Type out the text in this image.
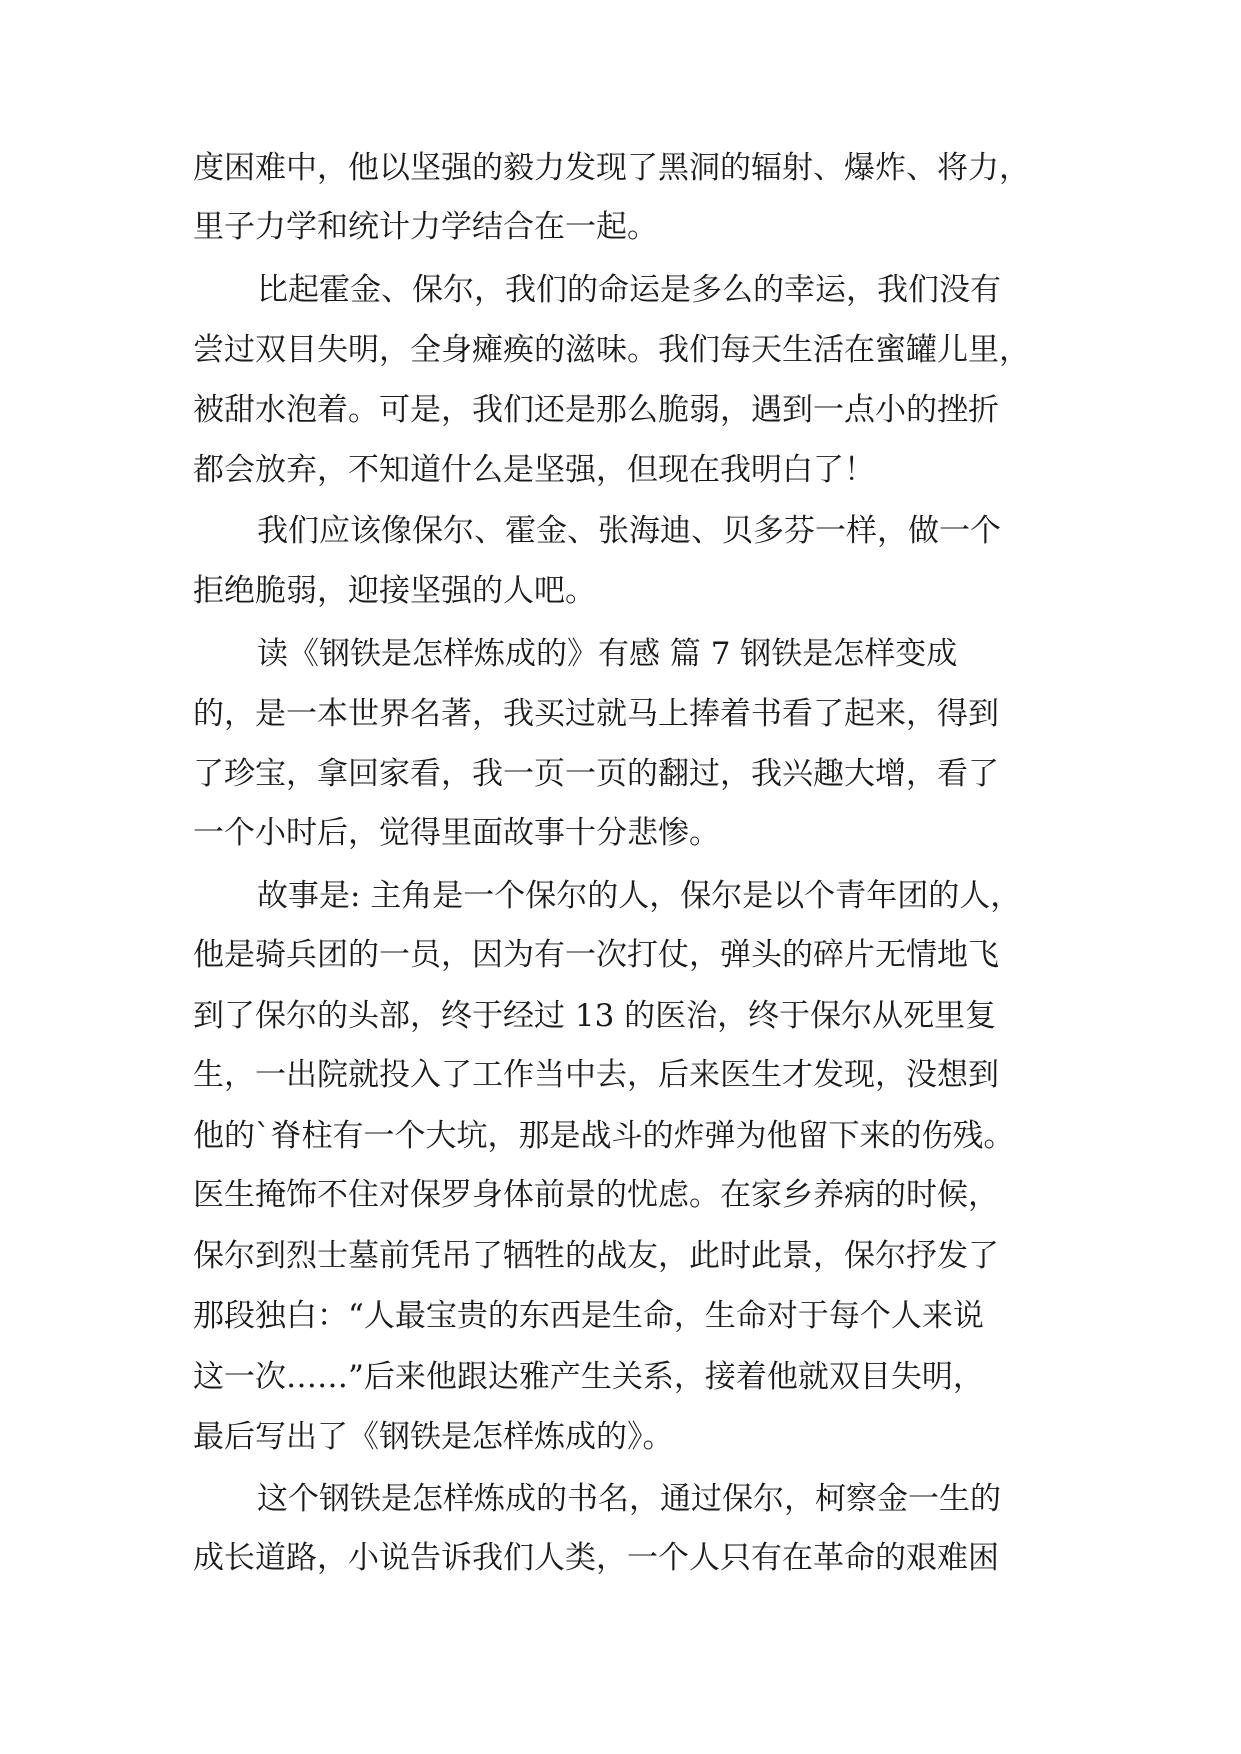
度困难中，他以坚强的毅力发现了黑洞的辐射、爆炸、将力，
里子力学和统计力学结合在一起。
比起霍金、保尔，我们的命运是多么的幸运，我们没有
尝过双目失明，全身瘫痪的滋味。我们每天生活在蜜罐儿里，
被甜水泡着。可是，我们还是那么脆弱，遇到一点小的挫折
都会放弃，不知道什么是坚强，但现在我明白了！
我们应该像保尔、霍金、张海迪、贝多芬一样，做一个
拒绝脆弱，迎接坚强的人吧。
读《钢铁是怎样炼成的》有感 篇 7 钢铁是怎样变成
的，是一本世界名著，我买过就马上捧着书看了起来，得到
了珍宝，拿回家看，我一页一页的翻过，我兴趣大增，看了
一个小时后，觉得里面故事十分悲惨。
故事是: 主角是一个保尔的人，保尔是以个青年团的人，
他是骑兵团的一员，因为有一次打仗，弹头的碎片无情地飞
到了保尔的头部，终于经过 13 的医治，终于保尔从死里复
生，一出院就投入了工作当中去，后来医生才发现，没想到
他的`脊柱有一个大坑，那是战斗的炸弹为他留下来的伤残。
医生掩饰不住对保罗身体前景的忧虑。在家乡养病的时候，
保尔到烈士墓前凭吊了牺牲的战友，此时此景，保尔抒发了
那段独白：“人最宝贵的东西是生命，生命对于每个人来说
这一次……”后来他跟达雅产生关系，接着他就双目失明，
最后写出了《钢铁是怎样炼成的》。
这个钢铁是怎样炼成的书名，通过保尔，柯察金一生的
成长道路，小说告诉我们人类，一个人只有在革命的艰难困
